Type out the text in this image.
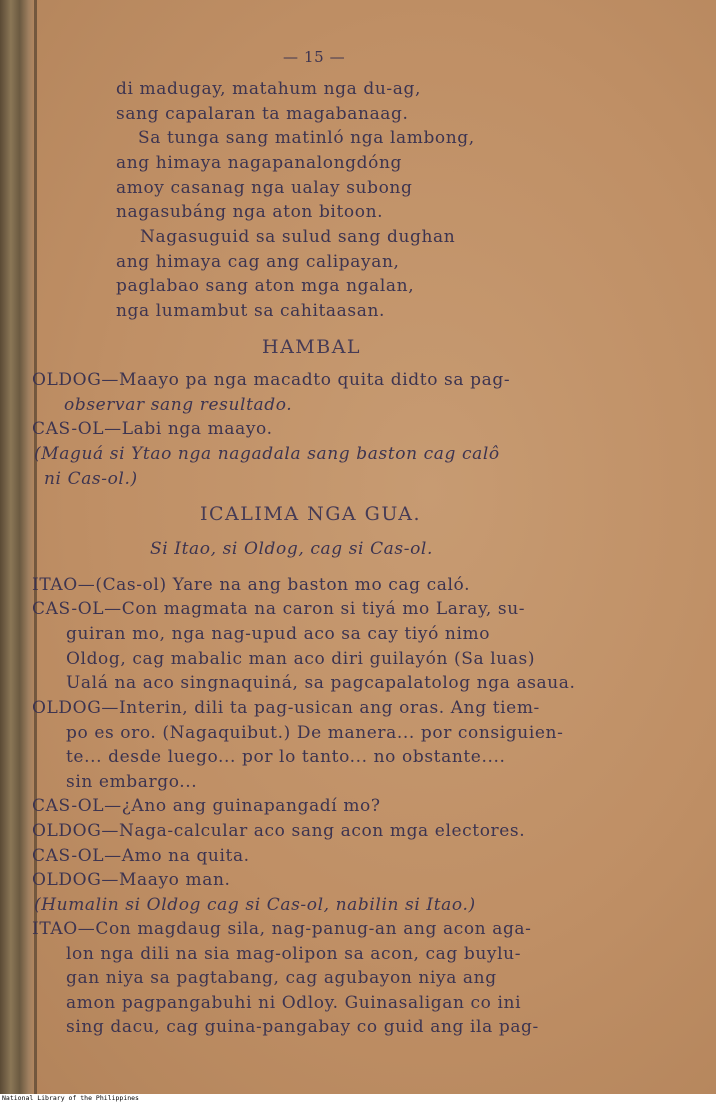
— 15 —
di madugay, matahum nga du-ag,
sang capalaran ta magabanaag.
Sa tunga sang matinló nga lambong,
ang himaya nagapanalongdóng
amoy casanag nga ualay subong
nagasubáng nga aton bitoon.
Nagasuguid sa sulud sang dughan
ang himaya cag ang calipayan,
paglabao sang aton mga ngalan,
nga lumambut sa cahitaasan.
HAMBAL
OLDOG—Maayo pa nga macadto quita didto sa pag-
observar sang resultado.
CAS-OL—Labi nga maayo.
(Maguá si Ytao nga nagadala sang baston cag calô
ni Cas-ol.)
ICALIMA NGA GUA.
Si Itao, si Oldog, cag si Cas-ol.
ITAO—(Cas-ol) Yare na ang baston mo cag caló.
CAS-OL—Con magmata na caron si tiyá mo Laray, su-
guiran mo, nga nag-upud aco sa cay tiyó nimo
Oldog, cag mabalic man aco diri guilayón (Sa luas)
Ualá na aco singnaquiná, sa pagcapalatolog nga asaua.
OLDOG—Interin, dili ta pag-usican ang oras. Ang tiem-
po es oro. (Nagaquibut.) De manera... por consiguien-
te... desde luego... por lo tanto... no obstante....
sin embargo...
CAS-OL—¿Ano ang guinapangadí mo?
OLDOG—Naga-calcular aco sang acon mga electores.
CAS-OL—Amo na quita.
OLDOG—Maayo man.
(Humalin si Oldog cag si Cas-ol, nabilin si Itao.)
ITAO—Con magdaug sila, nag-panug-an ang acon aga-
lon nga dili na sia mag-olipon sa acon, cag buylu-
gan niya sa pagtabang, cag agubayon niya ang
amon pagpangabuhi ni Odloy. Guinasaligan co ini
sing dacu, cag guina-pangabay co guid ang ila pag-
National Library of the Philippines
